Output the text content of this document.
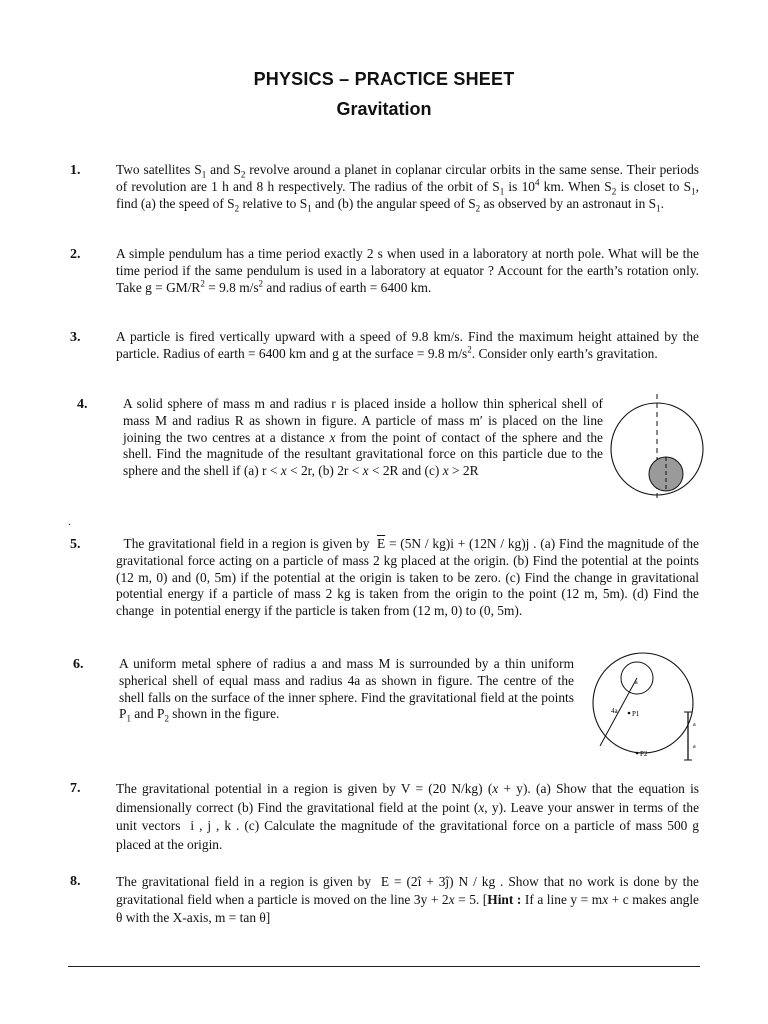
PHYSICS – PRACTICE SHEET
Gravitation
1.	Two satellites $S_1$ and $S_2$ revolve around a planet in coplanar circular orbits in the same sense. Their periods of revolution are 1 h and 8 h respectively. The radius of the orbit of $S_1$ is $10^4$ km. When $S_2$ is closet to $S_1$, find (a) the speed of $S_2$ relative to $S_1$ and (b) the angular speed of $S_2$ as observed by an astronaut in $S_1$.

2.	A simple pendulum has a time period exactly 2 s when used in a laboratory at north pole. What will be the time period if the same pendulum is used in a laboratory at equator ? Account for the earth’s rotation only. Take $g = GM/R^2 = 9.8$ $m/s^2$ and radius of earth = 6400 km.

3.	A particle is fired vertically upward with a speed of 9.8 km/s. Find the maximum height attained by the particle. Radius of earth = 6400 km and g at the surface = 9.8 $m/s^2$. Consider only earth’s gravitation.

4.	A solid sphere of mass m and radius r is placed inside a hollow thin spherical shell of mass M and radius R as shown in figure. A particle of mass m′ is placed on the line joining the two centres at a distance x from the point of contact of the sphere and the shell. Find the magnitude of the resultant gravitational force on this particle due to the sphere and the shell if (a) r < x < 2r, (b) 2r < x < 2R and (c) x > 2R

.
5.	The gravitational field in a region is given by  $\overline{E} = (5N / kg)i + (12N / kg)j$ . (a) Find the magnitude of the gravitational force acting on a particle of mass 2 kg placed at the origin. (b) Find the potential at the points (12 m, 0) and (0, 5m) if the potential at the origin is taken to be zero. (c) Find the change in gravitational potential energy if a particle of mass 2 kg is taken from the origin to the point (12 m, 5m). (d) Find the change  in potential energy if the particle is taken from (12 m, 0) to (0, 5m).

6.	A uniform metal sphere of radius a and mass M is surrounded by a thin uniform spherical shell of equal mass and radius 4a as shown in figure. The centre of the shell falls on the surface of the inner sphere. Find the gravitational field at the points $P_1$ and $P_2$ shown in the figure.

a
4a P1
P2
a
a
7.	The gravitational potential in a region is given by V = (20 N/kg) (x + y). (a) Show that the equation is dimensionally correct (b) Find the gravitational field at the point (x, y). Leave your answer in terms of the unit vectors  i , j , k . (c) Calculate the magnitude of the gravitational force on a particle of mass 500 g placed at the origin.

8.	The gravitational field in a region is given by  E = (2î + 3ĵ) N / kg . Show that no work is done by the gravitational field when a particle is moved on the line 3y + 2x = 5. [Hint : If a line y = mx + c makes angle θ with the X-axis, m = tan θ]
